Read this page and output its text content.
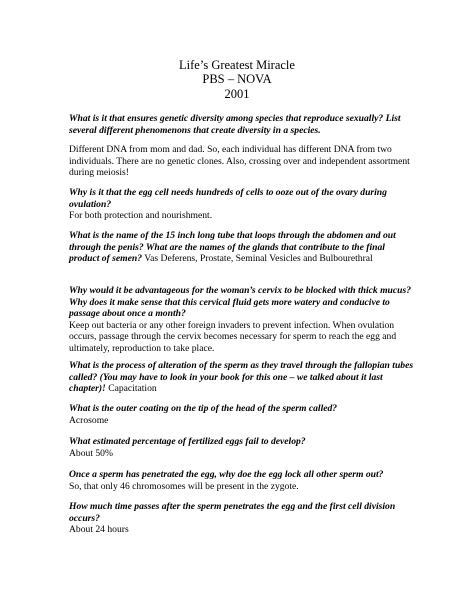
Life’s Greatest Miracle
PBS – NOVA
2001
What is it that ensures genetic diversity among species that reproduce sexually? List several different phenomenons that create diversity in a species.
Different DNA from mom and dad. So, each individual has different DNA from two individuals. There are no genetic clones. Also, crossing over and independent assortment during meiosis!
Why is it that the egg cell needs hundreds of cells to ooze out of the ovary during ovulation?
For both protection and nourishment.
What is the name of the 15 inch long tube that loops through the abdomen and out through the penis? What are the names of the glands that contribute to the final product of semen? Vas Deferens, Prostate, Seminal Vesicles and Bulbourethral
Why would it be advantageous for the woman’s cervix to be blocked with thick mucus? Why does it make sense that this cervical fluid gets more watery and conducive to passage about once a month?
Keep out bacteria or any other foreign invaders to prevent infection. When ovulation occurs, passage through the cervix becomes necessary for sperm to reach the egg and ultimately, reproduction to take place.
What is the process of alteration of the sperm as they travel through the fallopian tubes called? (You may have to look in your book for this one – we talked about it last chapter)! Capacitation
What is the outer coating on the tip of the head of the sperm called?
Acrosome
What estimated percentage of fertilized eggs fail to develop?
About 50%
Once a sperm has penetrated the egg, why doe the egg lock all other sperm out?
So, that only 46 chromosomes will be present in the zygote.
How much time passes after the sperm penetrates the egg and the first cell division occurs?
About 24 hours
